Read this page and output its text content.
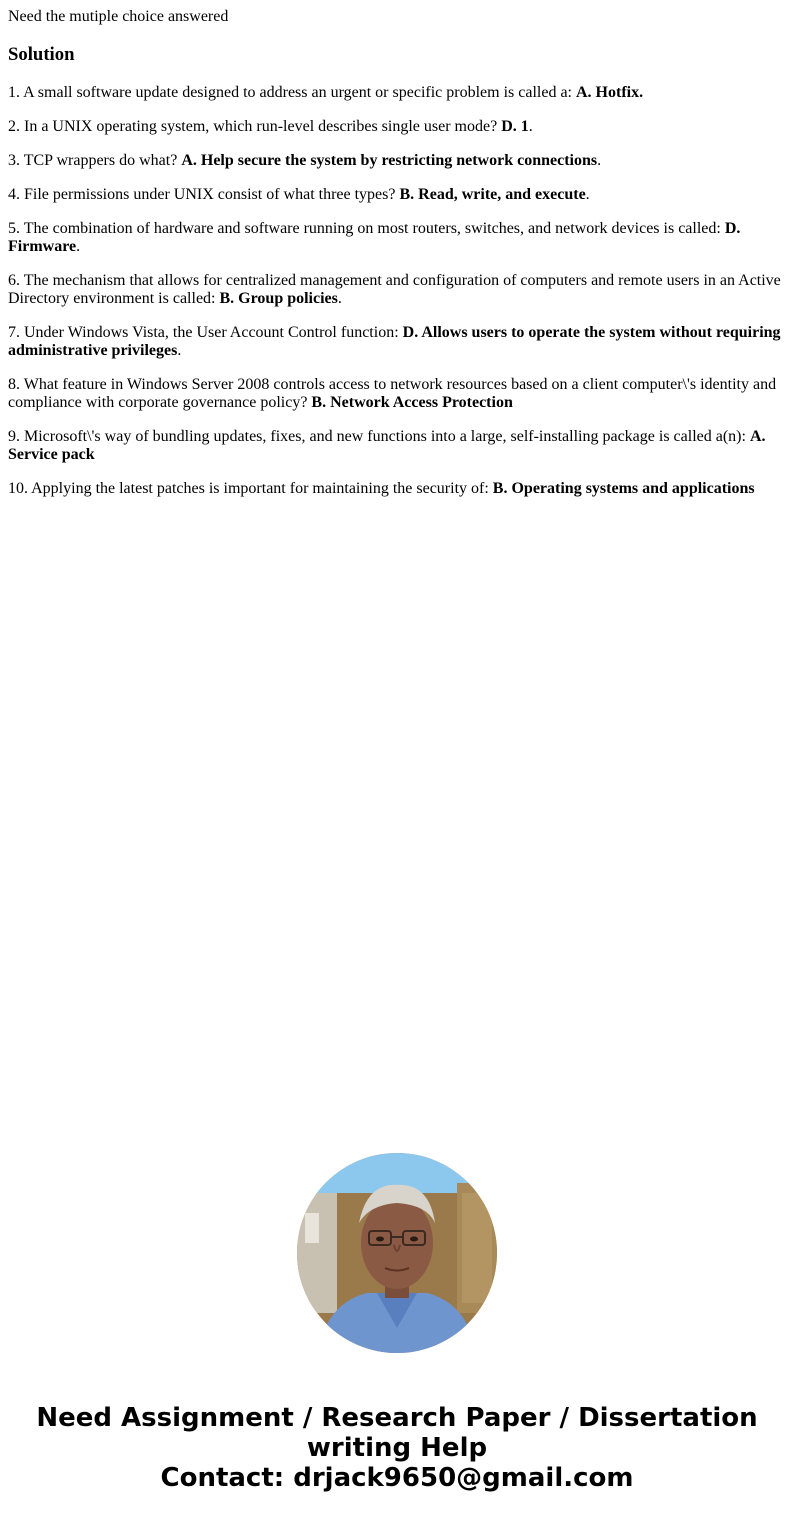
Need the mutiple choice answered
Solution

1. A small software update designed to address an urgent or specific problem is called a: A. Hotfix.

2. In a UNIX operating system, which run-level describes single user mode? D. 1.

3. TCP wrappers do what? A. Help secure the system by restricting network connections.

4. File permissions under UNIX consist of what three types? B. Read, write, and execute.

5. The combination of hardware and software running on most routers, switches, and network devices is called: D. Firmware.

6. The mechanism that allows for centralized management and configuration of computers and remote users in an Active Directory environment is called: B. Group policies.

7. Under Windows Vista, the User Account Control function: D. Allows users to operate the system without requiring administrative privileges.

8. What feature in Windows Server 2008 controls access to network resources based on a client computer\'s identity and compliance with corporate governance policy? B. Network Access Protection

9. Microsoft\'s way of bundling updates, fixes, and new functions into a large, self-installing package is called a(n): A. Service pack

10. Applying the latest patches is important for maintaining the security of: B. Operating systems and applications

Need Assignment / Research Paper / Dissertation
writing Help
Contact: drjack9650@gmail.com
